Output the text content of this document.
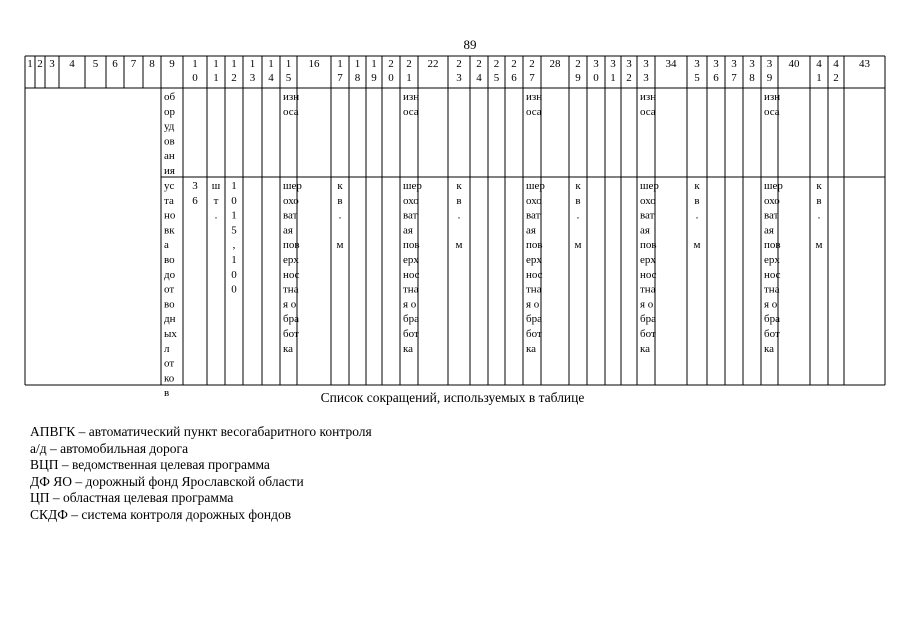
89
1 2 3 4 5 6 7 8 9 1
0
1
1
1
2
1
3
1
4
1
5
16 1
7
1
8
1
9
2
0
2
1
22 2
3
2
4
2
5
2
6
2
7
28 2
9
3
0
3
1
3
2
3
3
34 3
5
3
6
3
7
3
8
3
9
40 4
1
4
2
43
об
ор
уд
ов
ан
ия
изн
оса
изн
оса
изн
оса
изн
оса
изн
оса
ус
та
но
вк
а
во
до
от
во
дн
ых
л
от
ко
в
3
6
ш
т
.
1
0
1
5
,
1
0
0
шер
охо
ват
ая
пов
ерх
нос
тна
я о
бра
бот
ка
шер
охо
ват
ая
пов
ерх
нос
тна
я о
бра
бот
ка
шер
охо
ват
ая
пов
ерх
нос
тна
я о
бра
бот
ка
шер
охо
ват
ая
пов
ерх
нос
тна
я о
бра
бот
ка
шер
охо
ват
ая
пов
ерх
нос
тна
я о
бра
бот
ка
к
в
.
м
к
в
.
м
к
в
.
м
к
в
.
м
к
в
.
м
Список сокращений, используемых в таблице
АПВГК – автоматический пункт весогабаритного контроля
а/д – автомобильная дорога
ВЦП – ведомственная целевая программа
ДФ ЯО – дорожный фонд Ярославской области
ЦП – областная целевая программа
СКДФ – система контроля дорожных фондов
